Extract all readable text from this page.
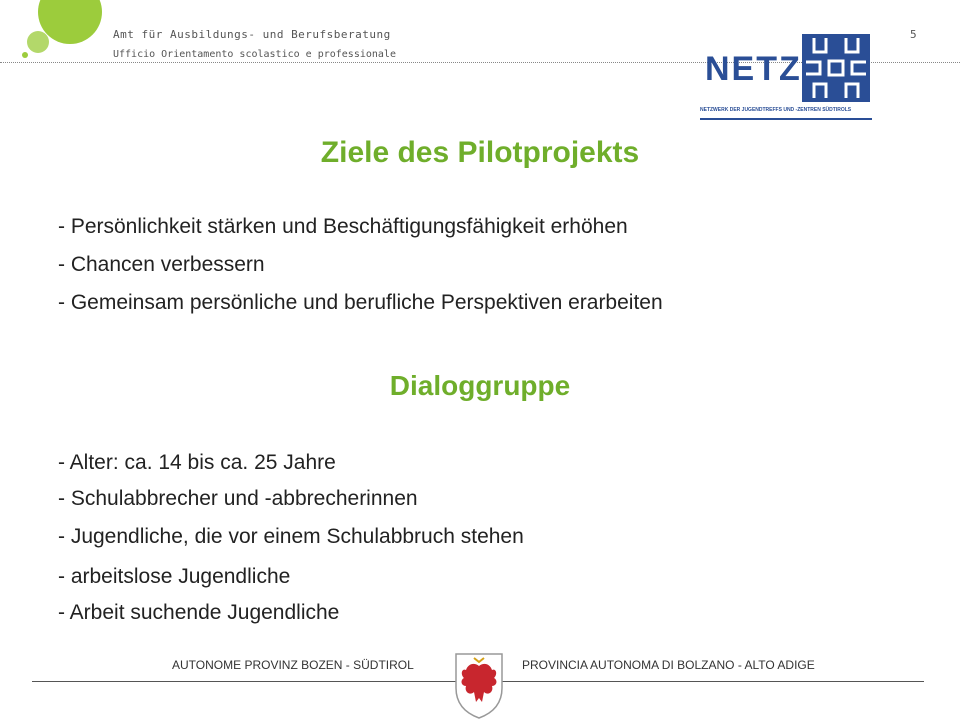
Amt für Ausbildungs- und Berufsberatung
Ufficio Orientamento scolastico e professionale
5
NETZ
NETZWERK DER JUGENDTREFFS UND -ZENTREN SÜDTIROLS
Ziele des Pilotprojekts
- Persönlichkeit stärken und Beschäftigungsfähigkeit erhöhen
- Chancen verbessern
- Gemeinsam persönliche und berufliche Perspektiven erarbeiten
Dialoggruppe
- Alter: ca. 14 bis ca. 25 Jahre
- Schulabbrecher und -abbrecherinnen
- Jugendliche, die vor einem Schulabbruch stehen
- arbeitslose Jugendliche
- Arbeit suchende Jugendliche
AUTONOME PROVINZ BOZEN - SÜDTIROL	PROVINCIA AUTONOMA DI BOLZANO - ALTO ADIGE
